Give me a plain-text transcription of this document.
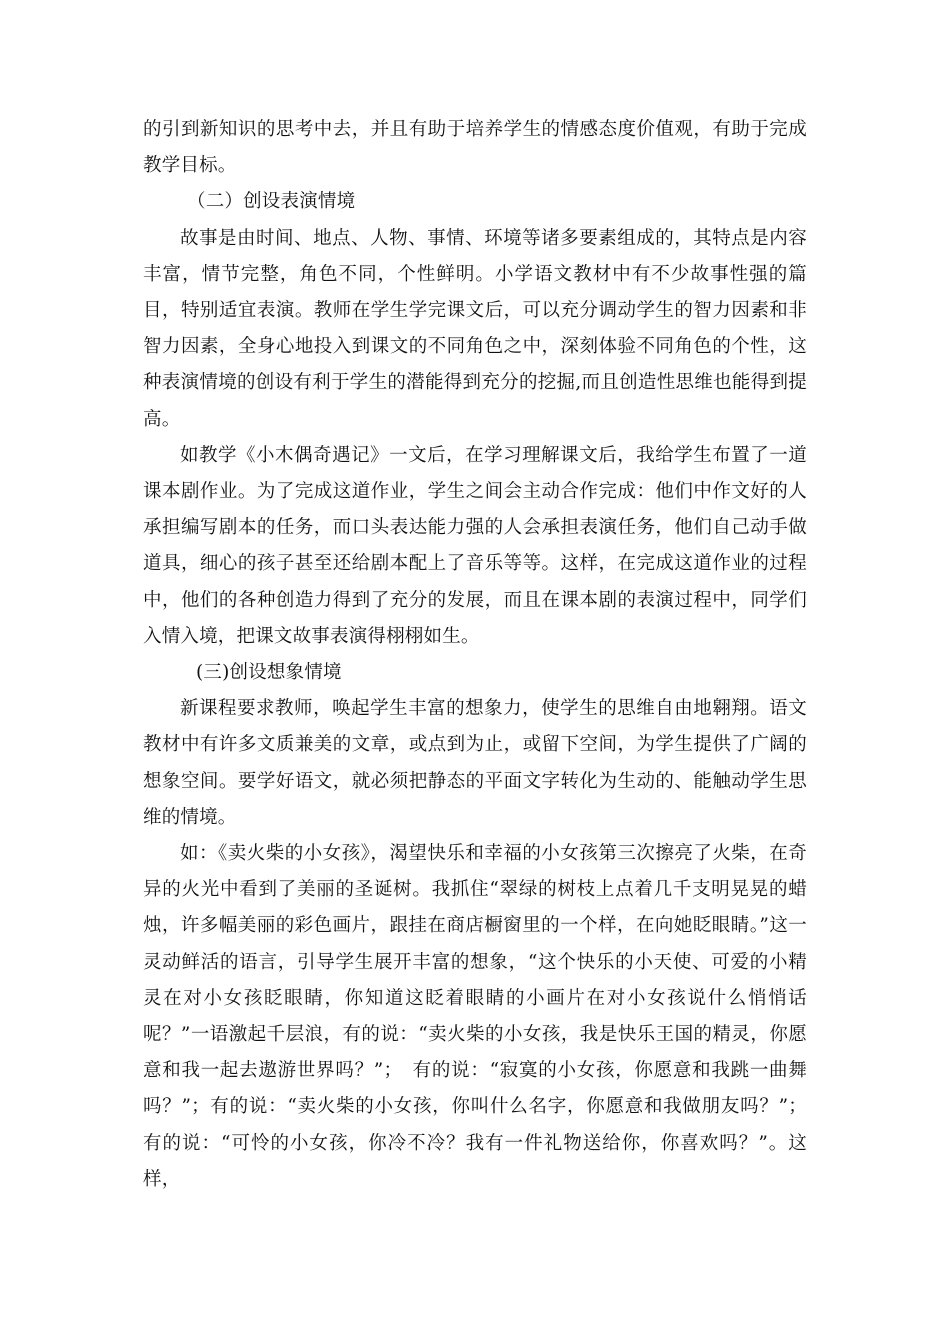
的引到新知识的思考中去，并且有助于培养学生的情感态度价值观，有助于完成教学目标。

（二）创设表演情境

故事是由时间、地点、人物、事情、环境等诸多要素组成的，其特点是内容丰富，情节完整，角色不同，个性鲜明。小学语文教材中有不少故事性强的篇目，特别适宜表演。教师在学生学完课文后，可以充分调动学生的智力因素和非智力因素，全身心地投入到课文的不同角色之中，深刻体验不同角色的个性，这种表演情境的创设有利于学生的潜能得到充分的挖掘,而且创造性思维也能得到提高。

如教学《小木偶奇遇记》一文后，在学习理解课文后，我给学生布置了一道课本剧作业。为了完成这道作业，学生之间会主动合作完成：他们中作文好的人承担编写剧本的任务，而口头表达能力强的人会承担表演任务，他们自己动手做道具，细心的孩子甚至还给剧本配上了音乐等等。这样，在完成这道作业的过程中，他们的各种创造力得到了充分的发展，而且在课本剧的表演过程中，同学们入情入境，把课文故事表演得栩栩如生。

(三)创设想象情境

新课程要求教师，唤起学生丰富的想象力，使学生的思维自由地翱翔。语文教材中有许多文质兼美的文章，或点到为止，或留下空间，为学生提供了广阔的想象空间。要学好语文，就必须把静态的平面文字转化为生动的、能触动学生思维的情境。

如：《卖火柴的小女孩》，渴望快乐和幸福的小女孩第三次擦亮了火柴，在奇异的火光中看到了美丽的圣诞树。我抓住“翠绿的树枝上点着几千支明晃晃的蜡烛，许多幅美丽的彩色画片，跟挂在商店橱窗里的一个样，在向她眨眼睛。”这一灵动鲜活的语言，引导学生展开丰富的想象，“这个快乐的小天使、可爱的小精灵在对小女孩眨眼睛，你知道这眨着眼睛的小画片在对小女孩说什么悄悄话呢？”一语激起千层浪，有的说：“卖火柴的小女孩，我是快乐王国的精灵，你愿意和我一起去遨游世界吗？”；　有的说：“寂寞的小女孩，你愿意和我跳一曲舞吗？”；有的说：“卖火柴的小女孩，你叫什么名字，你愿意和我做朋友吗？”；有的说：“可怜的小女孩，你冷不冷？我有一件礼物送给你，你喜欢吗？”。这样，
